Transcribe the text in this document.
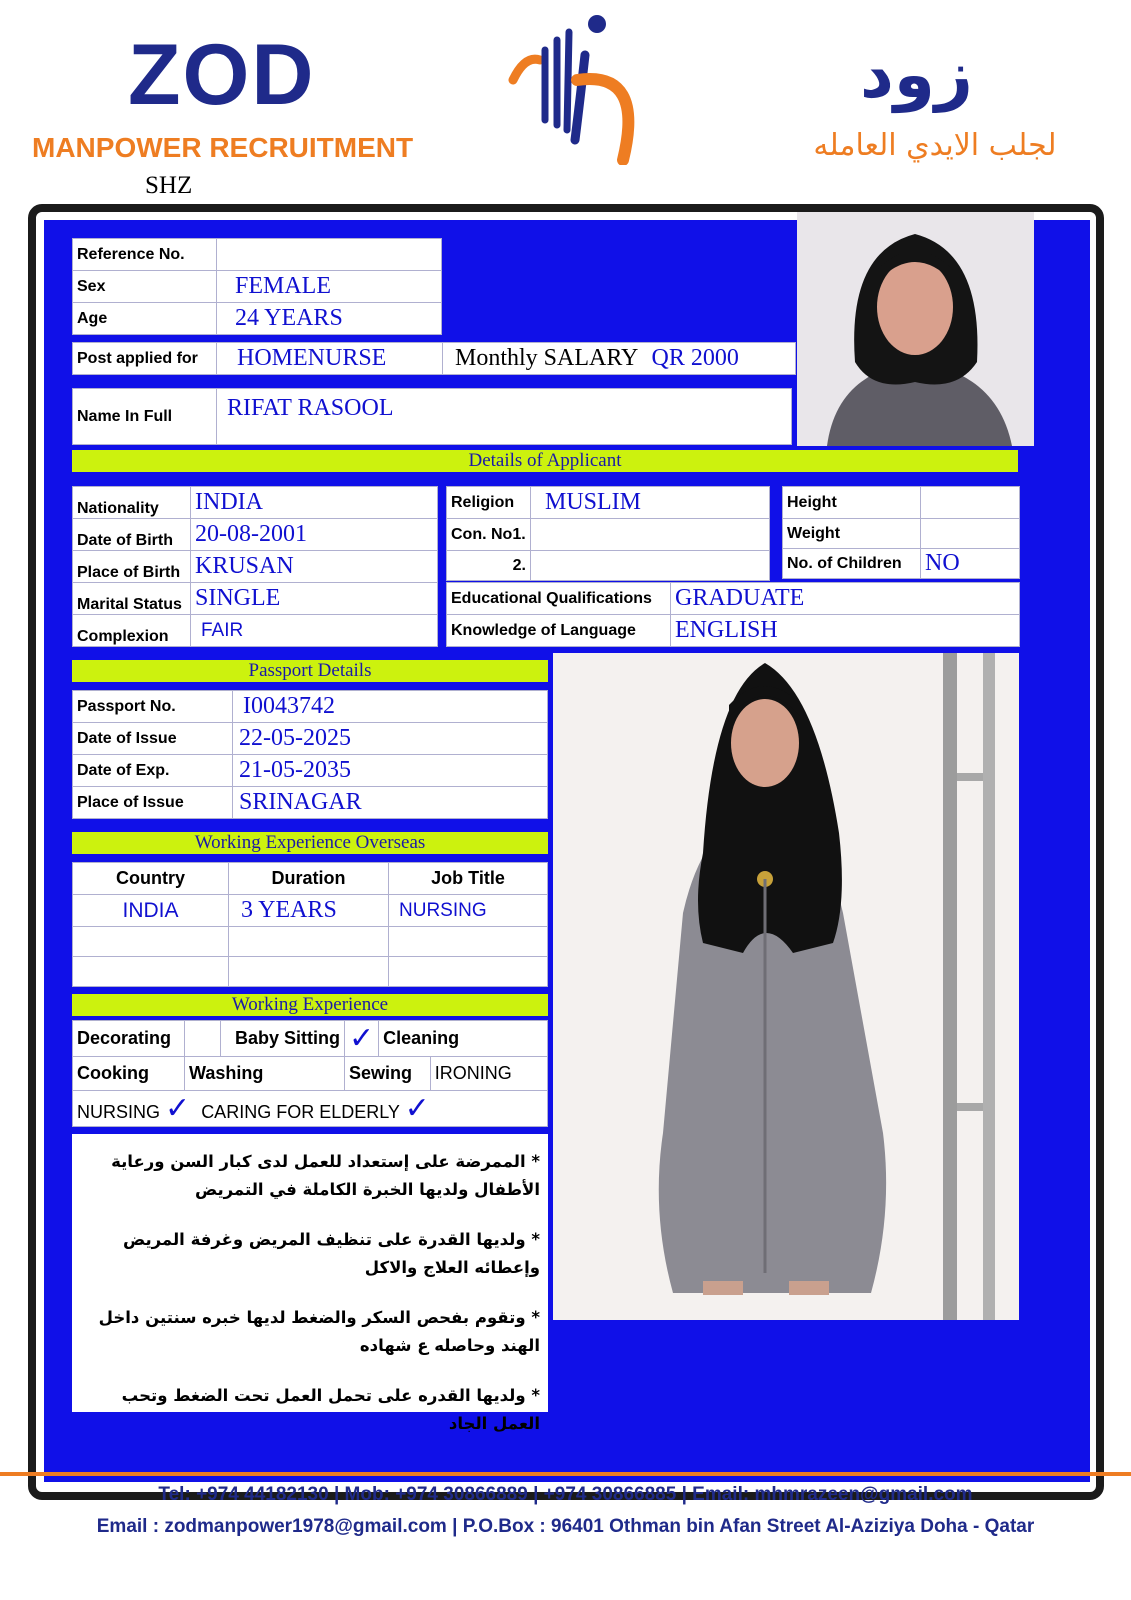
ZOD
MANPOWER RECRUITMENT
SHZ
زود
لجلب الايدي العامله
Reference No.	
Sex	FEMALE
Age	24 YEARS
Post applied for	HOMENURSE	Monthly SALARY QR 2000
Name In Full	RIFAT RASOOL
Details of Applicant
Nationality	INDIA
Date of Birth	20-08-2001
Place of Birth	KRUSAN
Marital Status	SINGLE
Complexion	FAIR
Religion	MUSLIM
Con. No1.	
2.	
Height	
Weight	
No. of Children	NO
Educational Qualifications	GRADUATE
Knowledge of Language	ENGLISH
Passport Details
Passport No.	I0043742
Date of Issue	22-05-2025
Date of Exp.	21-05-2035
Place of Issue	SRINAGAR
Working Experience Overseas
Country	Duration	Job Title
INDIA	3 YEARS	NURSING

Working Experience
Decorating		Baby Sitting	✓	Cleaning	
Cooking	Washing		Sewing		IRONING
NURSING ✓ CARING FOR ELDERLY ✓					

* الممرضة على إستعداد للعمل لدى كبار السن ورعاية الأطفال ولديها الخبرة الكاملة في التمريض

* ولديها القدرة على تنظيف المريض وغرفة المريض وإعطائه العلاج والاكل

* وتقوم بفحص السكر والضغط لديها خبره سنتين داخل الهند وحاصله ع شهاده

* ولديها القدره على تحمل العمل تحت الضغط وتحب العمل الجاد

Tel: +974 44182130 | Mob: +974 30866889 | +974 30866885 | Email: mhmrazeen@gmail.com
Email : zodmanpower1978@gmail.com | P.O.Box : 96401 Othman bin Afan Street Al-Aziziya Doha - Qatar
